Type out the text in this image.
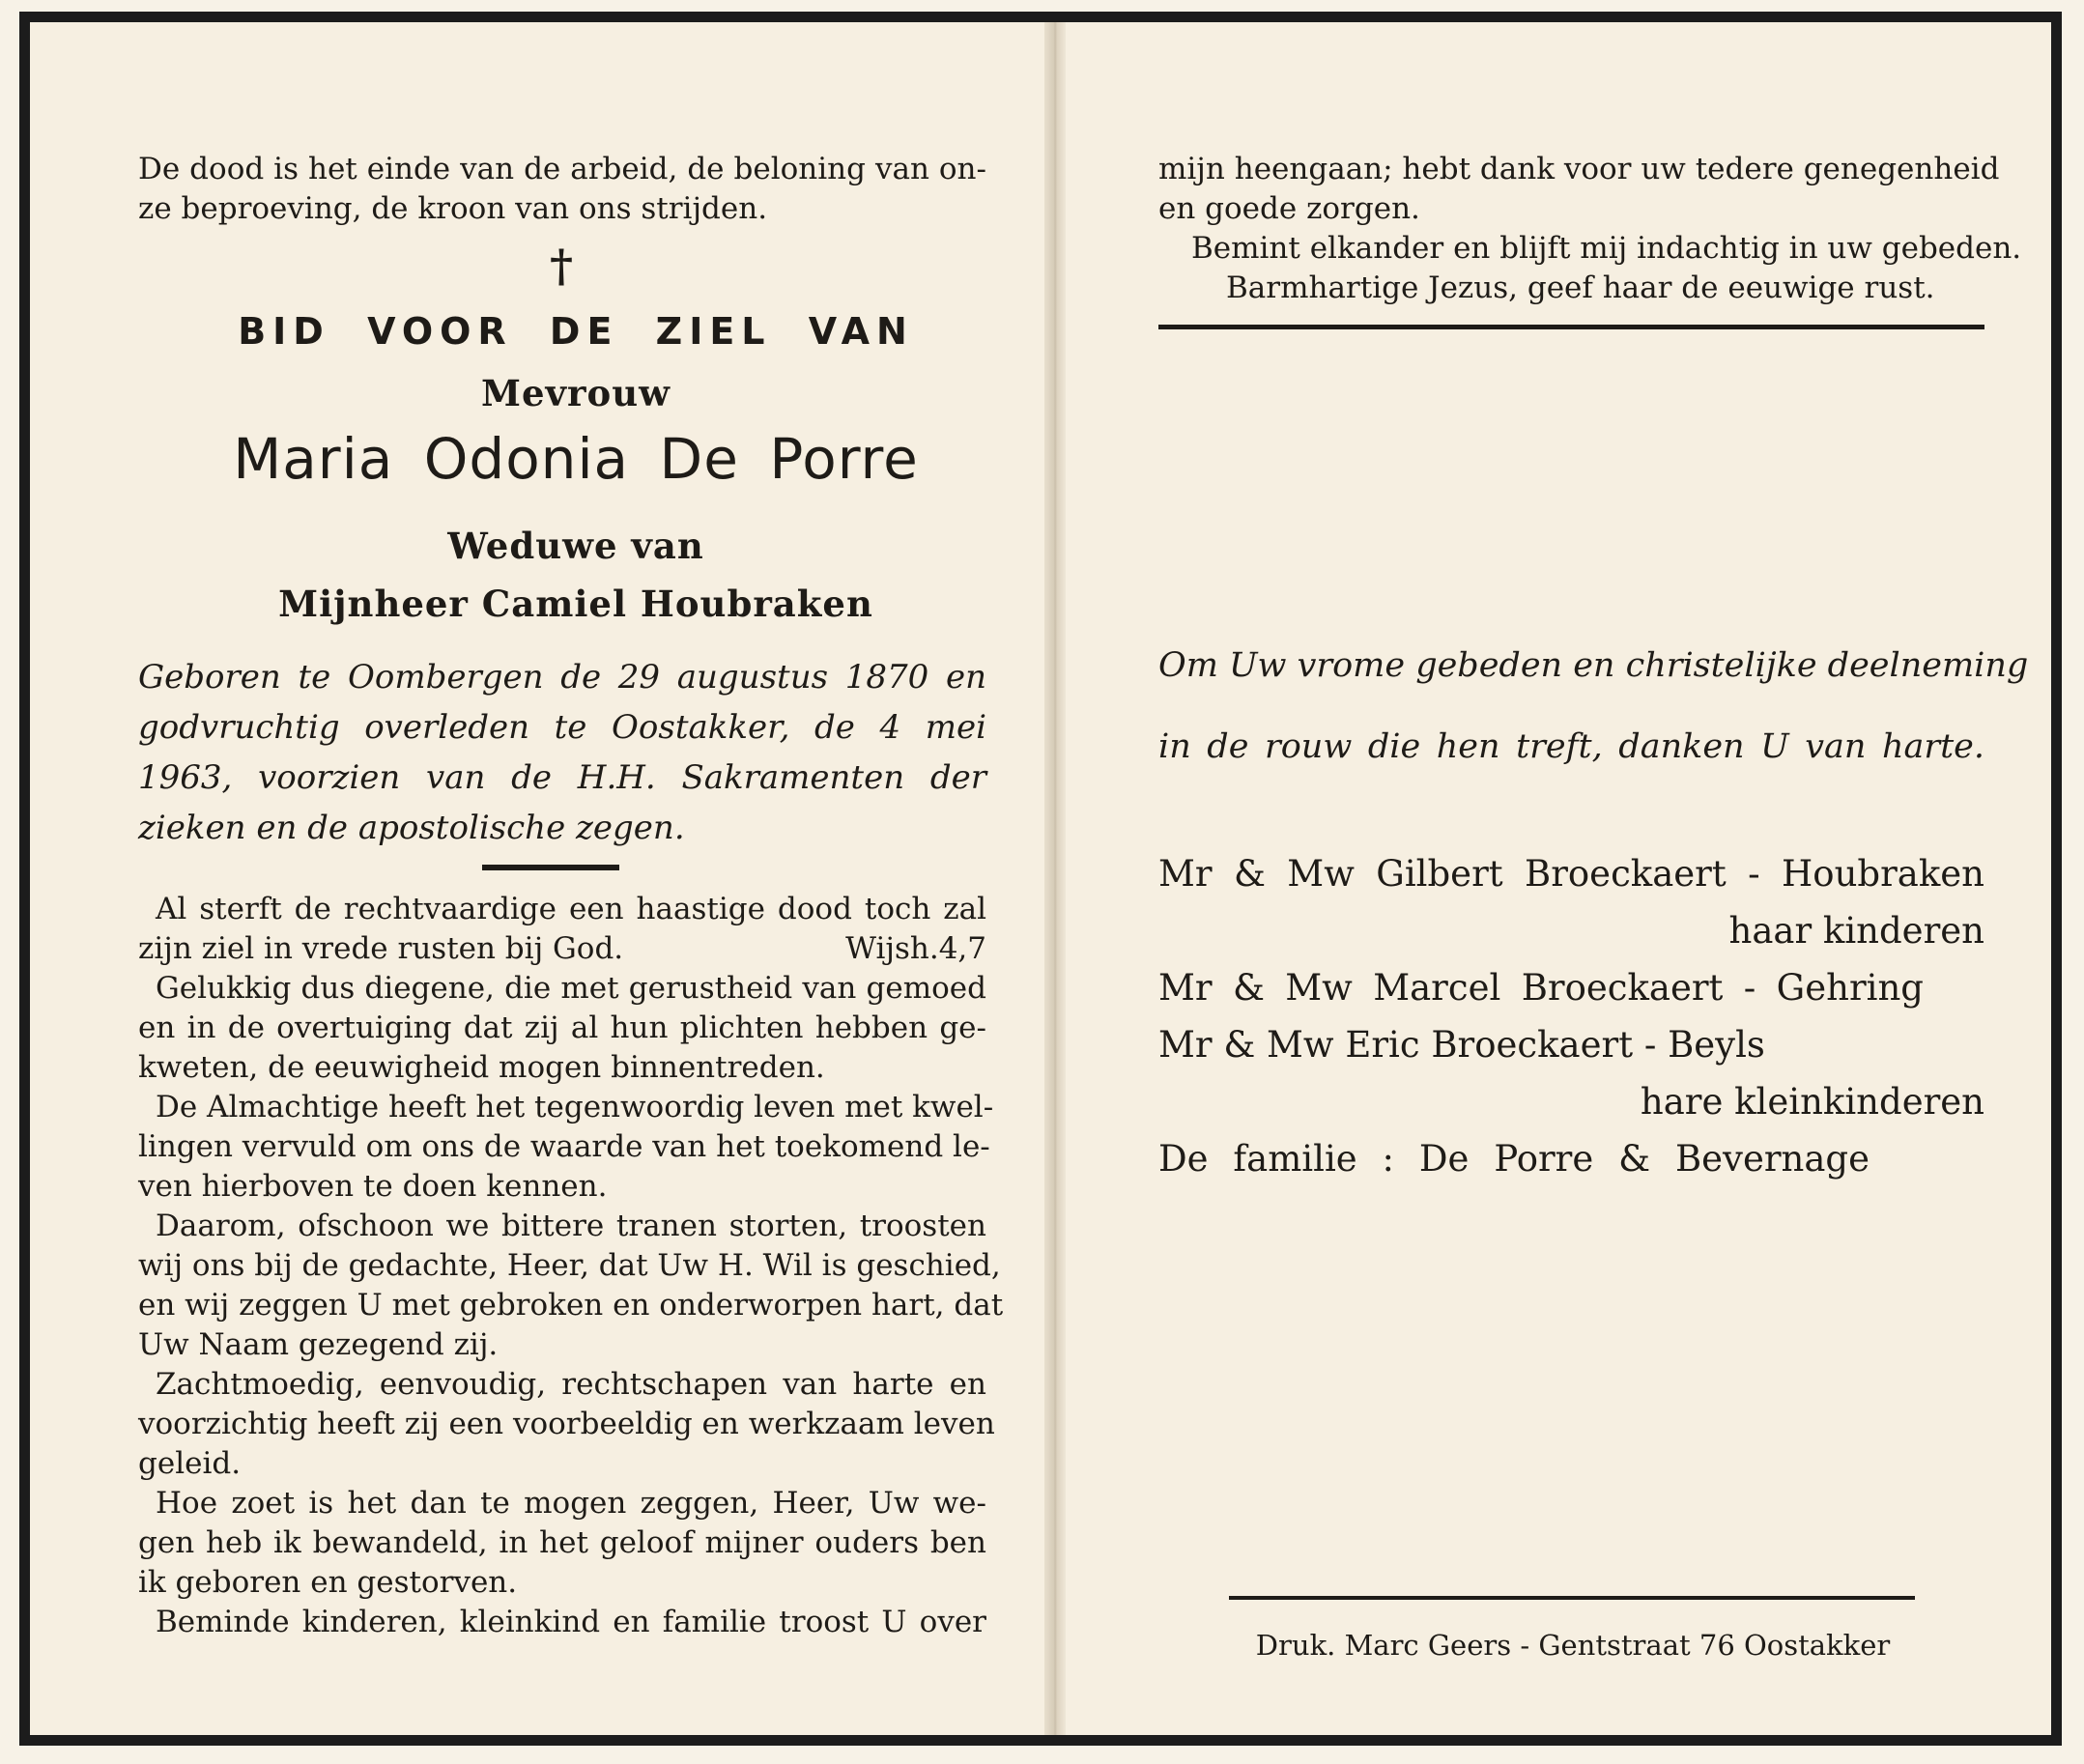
De dood is het einde van de arbeid, de beloning van on-
ze beproeving, de kroon van ons strijden.
†
BID VOOR DE ZIEL VAN
Mevrouw
Maria Odonia De Porre
Weduwe van
Mijnheer Camiel Houbraken
Geboren te Oombergen de 29 augustus 1870 en
godvruchtig overleden te Oostakker, de 4 mei
1963, voorzien van de H.H. Sakramenten der
zieken en de apostolische zegen.
Al sterft de rechtvaardige een haastige dood toch zal
zijn ziel in vrede rusten bij God.	Wijsh.4,7
Gelukkig dus diegene, die met gerustheid van gemoed
en in de overtuiging dat zij al hun plichten hebben ge-
kweten, de eeuwigheid mogen binnentreden.
De Almachtige heeft het tegenwoordig leven met kwel-
lingen vervuld om ons de waarde van het toekomend le-
ven hierboven te doen kennen.
Daarom, ofschoon we bittere tranen storten, troosten
wij ons bij de gedachte, Heer, dat Uw H. Wil is geschied,
en wij zeggen U met gebroken en onderworpen hart, dat
Uw Naam gezegend zij.
Zachtmoedig, eenvoudig, rechtschapen van harte en
voorzichtig heeft zij een voorbeeldig en werkzaam leven
geleid.
Hoe zoet is het dan te mogen zeggen, Heer, Uw we-
gen heb ik bewandeld, in het geloof mijner ouders ben
ik geboren en gestorven.
Beminde kinderen, kleinkind en familie troost U over
mijn heengaan; hebt dank voor uw tedere genegenheid
en goede zorgen.
Bemint elkander en blijft mij indachtig in uw gebeden.
Barmhartige Jezus, geef haar de eeuwige rust.
Om Uw vrome gebeden en christelijke deelneming
in de rouw die hen treft, danken U van harte.
Mr & Mw Gilbert Broeckaert - Houbraken
haar kinderen
Mr & Mw Marcel Broeckaert - Gehring
Mr & Mw Eric Broeckaert - Beyls
hare kleinkinderen
De familie : De Porre & Bevernage
Druk. Marc Geers - Gentstraat 76 Oostakker
